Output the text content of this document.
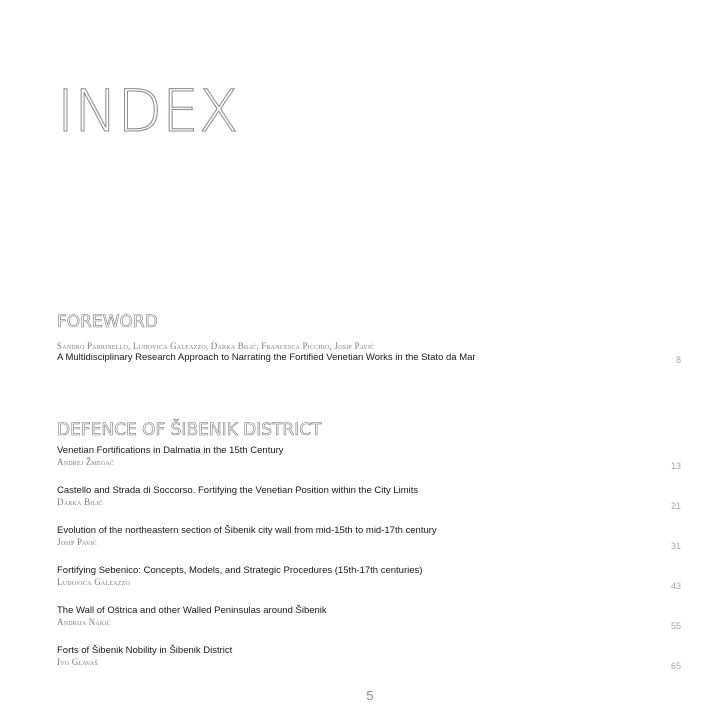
INDEX
FOREWORD
Sandro Parrinello, Ludovica Galeazzo, Darka Bilić, Francesca Picchio, Josip Pavić
A Multidisciplinary Research Approach to Narrating the Fortified Venetian Works in the Stato da Mar	8
DEFENCE OF ŠIBENIK DISTRICT
Venetian Fortifications in Dalmatia in the 15th Century
Andrej Žmegač	13
Castello and Strada di Soccorso. Fortifying the Venetian Position within the City Limits
Darka Bilić	21
Evolution of the northeastern section of Šibenik city wall from mid-15th to mid-17th century
Josip Pavić	31
Fortifying Sebenico: Concepts, Models, and Strategic Procedures (15th-17th centuries)
Ludovica Galeazzo	43
The Wall of Oštrica and other Walled Peninsulas around Šibenik
Andrija Nakić	55
Forts of Šibenik Nobility in Šibenik District
Ivo Glavaš	65
5
